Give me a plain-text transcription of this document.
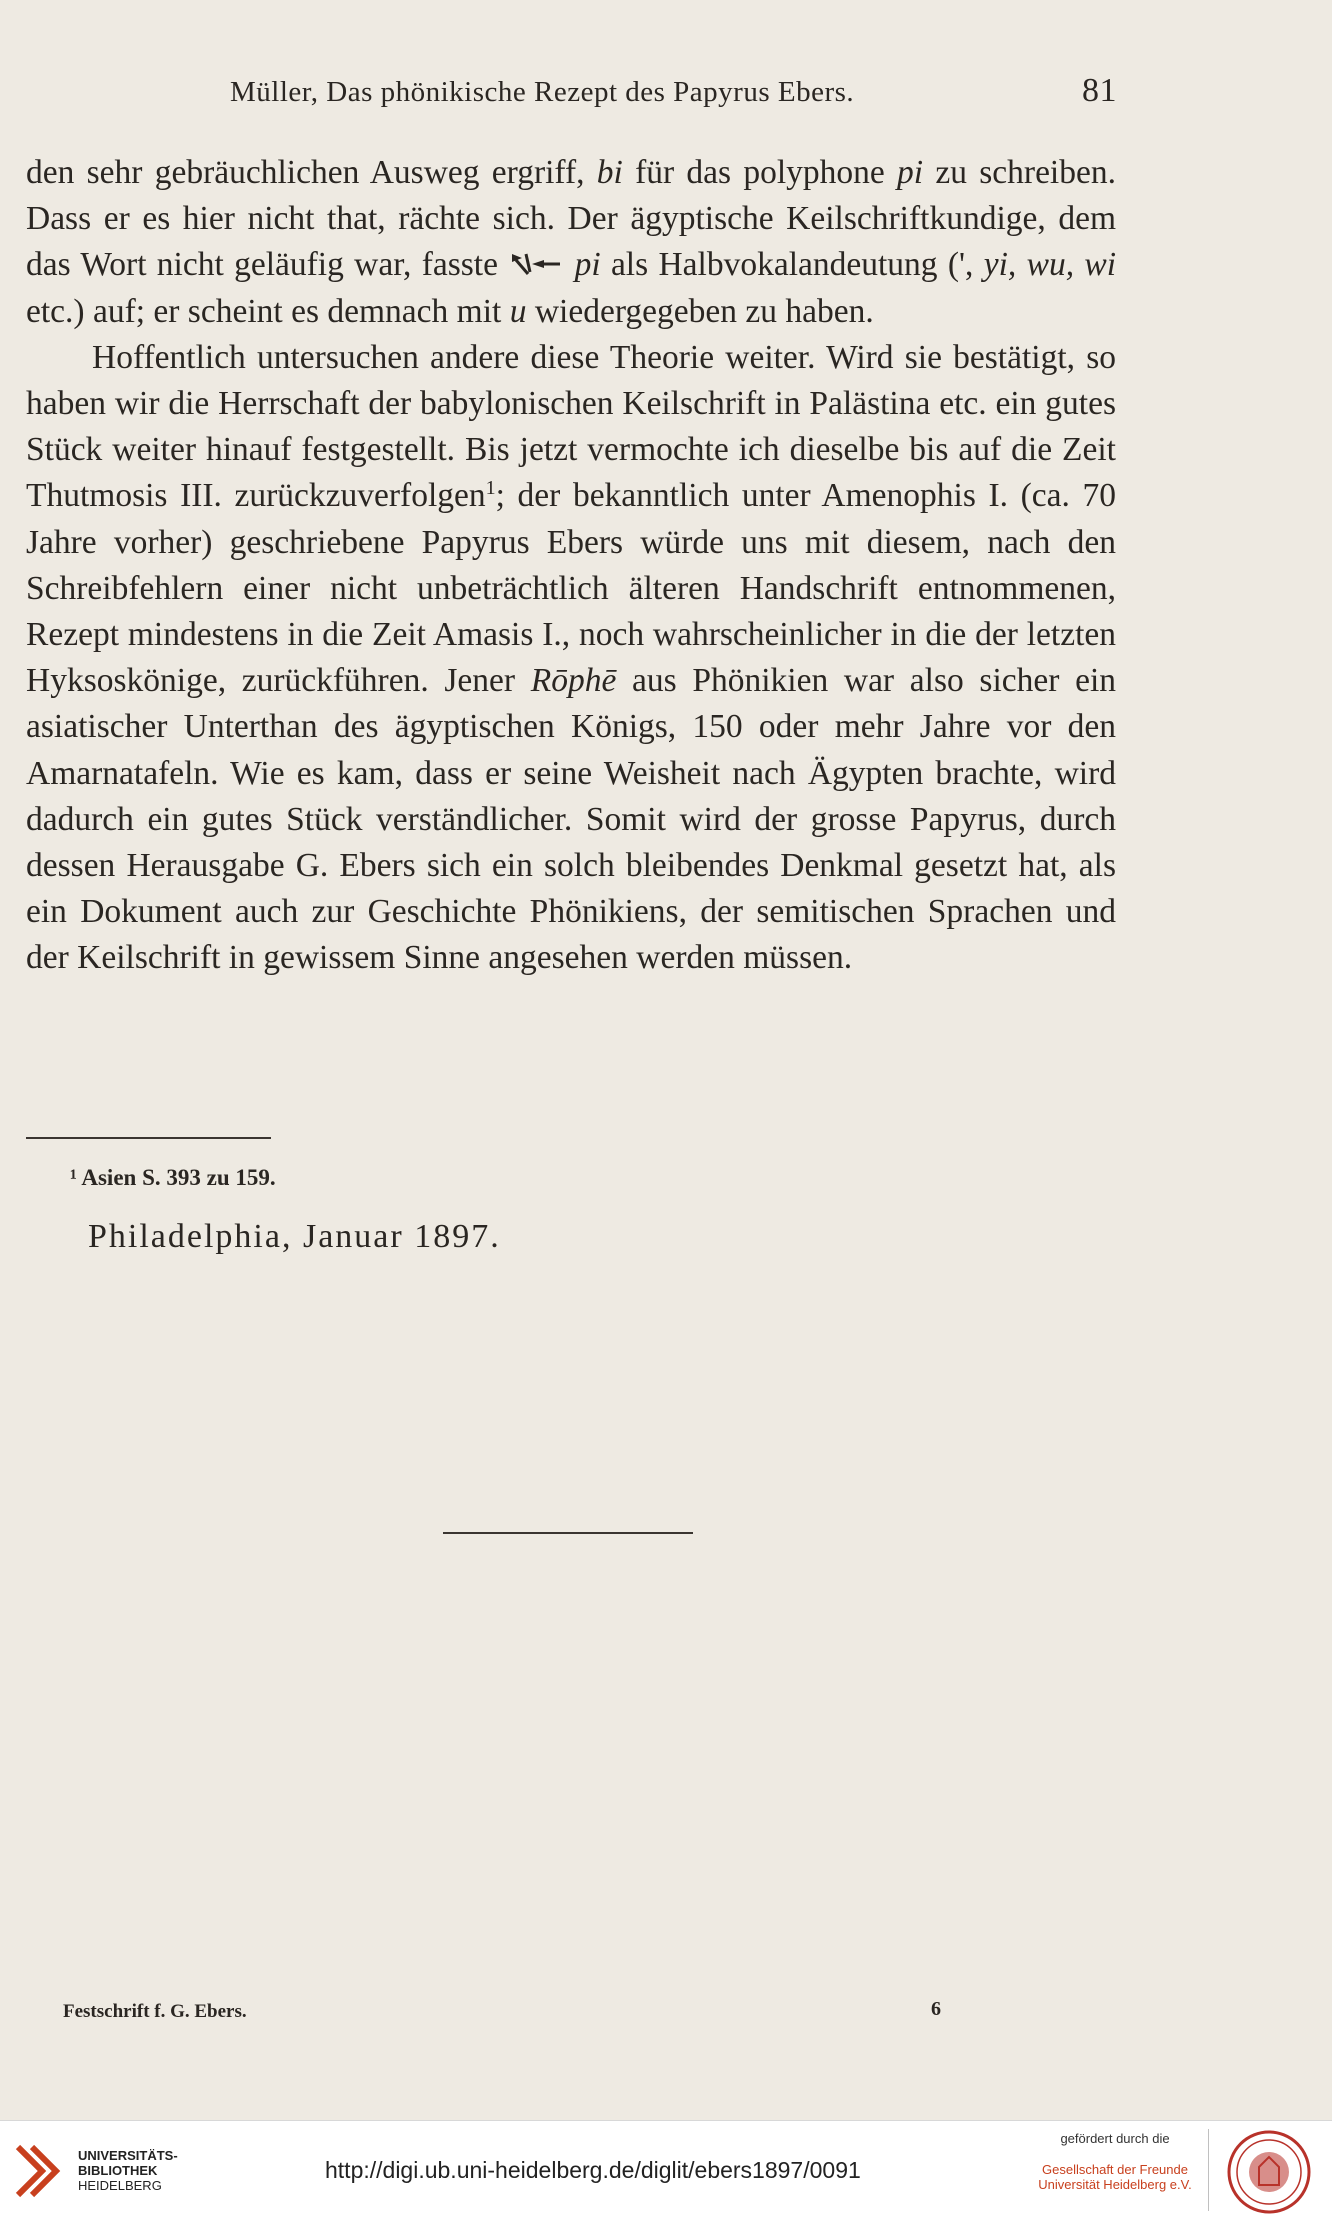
Müller, Das phönikische Rezept des Papyrus Ebers.	81

den sehr gebräuchlichen Ausweg ergriff, bi für das polyphone pi zu schreiben. Dass er es hier nicht that, rächte sich. Der ägyptische Keilschriftkundige, dem das Wort nicht geläufig war, fasste  pi als Halbvokalandeutung (', yi, wu, wi etc.) auf; er scheint es demnach mit u wiedergegeben zu haben.

Hoffentlich untersuchen andere diese Theorie weiter. Wird sie bestätigt, so haben wir die Herrschaft der babylonischen Keilschrift in Palästina etc. ein gutes Stück weiter hinauf festgestellt. Bis jetzt vermochte ich dieselbe bis auf die Zeit Thutmosis III. zurückzuverfolgen$^1$; der bekanntlich unter Amenophis I. (ca. 70 Jahre vorher) geschriebene Papyrus Ebers würde uns mit diesem, nach den Schreibfehlern einer nicht unbeträchtlich älteren Handschrift entnommenen, Rezept mindestens in die Zeit Amasis I., noch wahrscheinlicher in die der letzten Hyksoskönige, zurückführen. Jener Rōphē aus Phönikien war also sicher ein asiatischer Unterthan des ägyptischen Königs, 150 oder mehr Jahre vor den Amarnatafeln. Wie es kam, dass er seine Weisheit nach Ägypten brachte, wird dadurch ein gutes Stück verständlicher. Somit wird der grosse Papyrus, durch dessen Herausgabe G. Ebers sich ein solch bleibendes Denkmal gesetzt hat, als ein Dokument auch zur Geschichte Phönikiens, der semitischen Sprachen und der Keilschrift in gewissem Sinne angesehen werden müssen.

¹ Asien S. 393 zu 159.
Philadelphia, Januar 1897.
Festschrift f. G. Ebers.	6
UNIVERSITÄTS-
BIBLIOTHEK
HEIDELBERG
http://digi.ub.uni-heidelberg.de/diglit/ebers1897/0091
gefördert durch die
Gesellschaft der Freunde
Universität Heidelberg e.V.
